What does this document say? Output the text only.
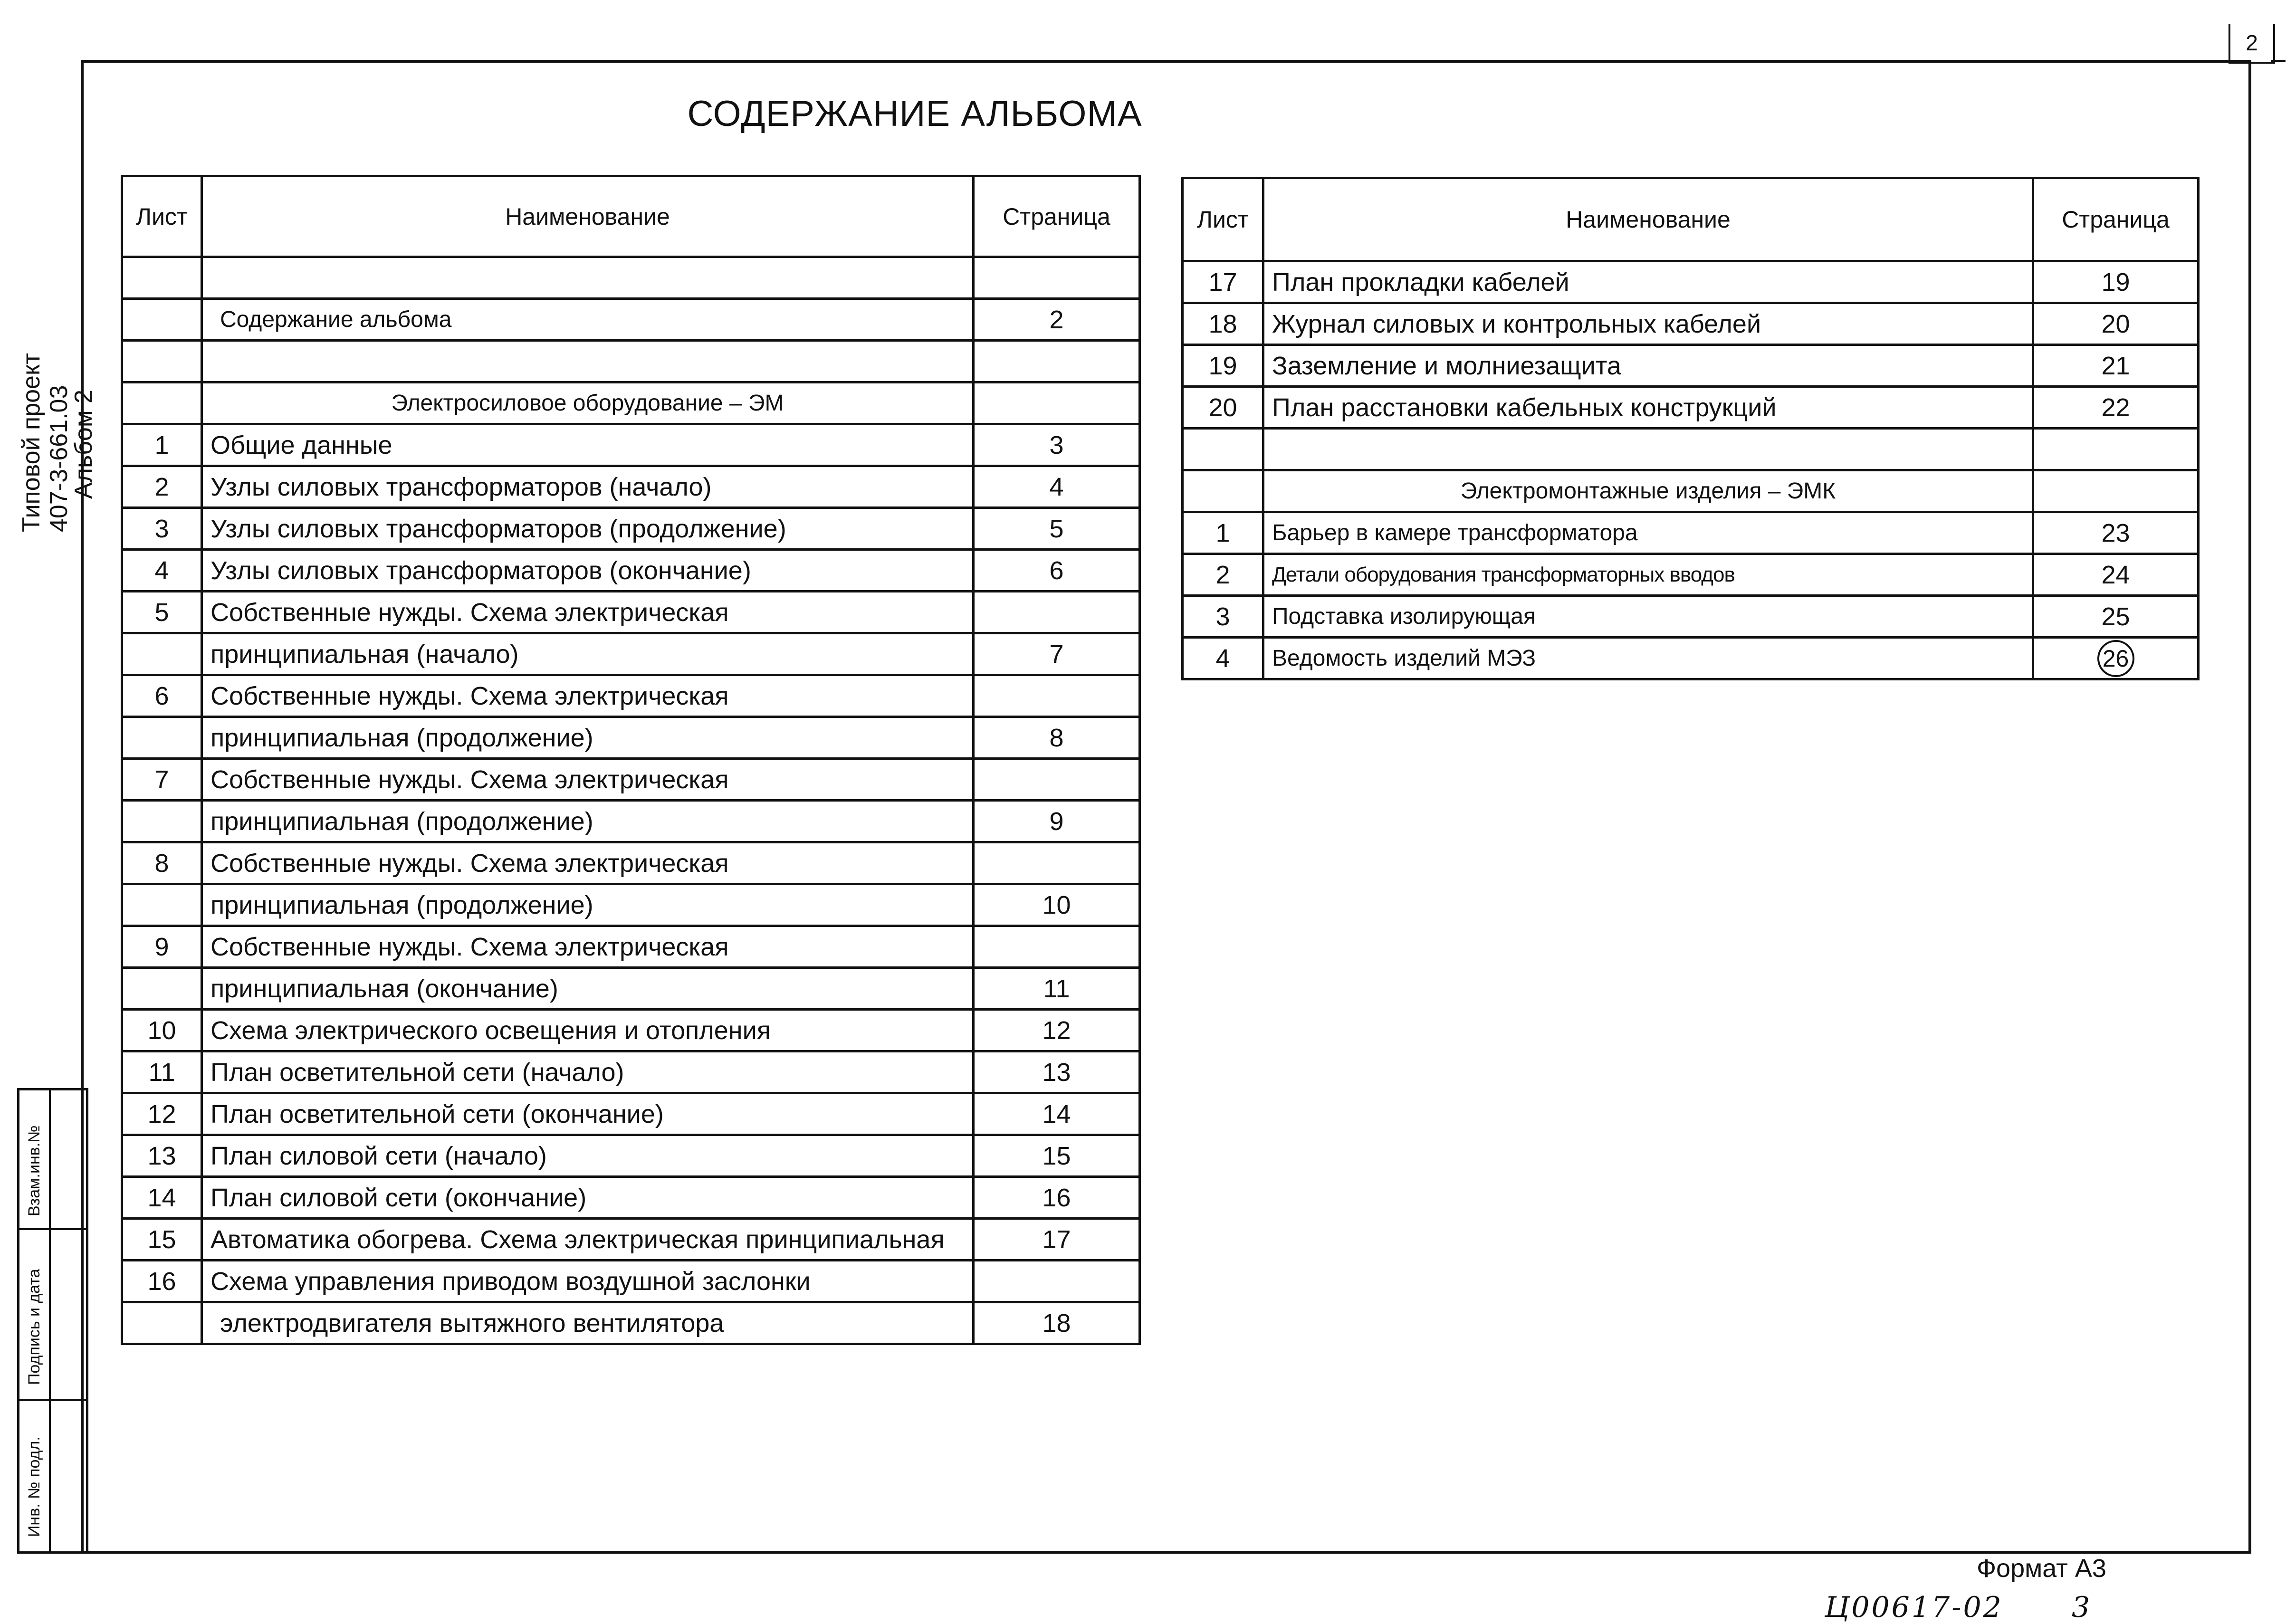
2
Типовой проект 407-3-661.03
Альбом 2
Взам.инв.№
Подпись и дата
Инв. № подл.
СОДЕРЖАНИЕ АЛЬБОМА
Лист	Наименование	Страница

	Содержание альбома	2

	Электросиловое оборудование – ЭМ	
1	Общие данные	3
2	Узлы силовых трансформаторов (начало)	4
3	Узлы силовых трансформаторов (продолжение)	5
4	Узлы силовых трансформаторов (окончание)	6
5	Собственные нужды. Схема электрическая	
	принципиальная (начало)	7
6	Собственные нужды. Схема электрическая	
	принципиальная (продолжение)	8
7	Собственные нужды. Схема электрическая	
	принципиальная (продолжение)	9
8	Собственные нужды. Схема электрическая	
	принципиальная (продолжение)	10
9	Собственные нужды. Схема электрическая	
	принципиальная (окончание)	11
10	Схема электрического освещения и отопления	12
11	План осветительной сети (начало)	13
12	План осветительной сети (окончание)	14
13	План силовой сети (начало)	15
14	План силовой сети (окончание)	16
15	Автоматика обогрева. Схема электрическая принципиальная	17
16	Схема управления приводом воздушной заслонки	
	электродвигателя вытяжного вентилятора	18
Лист	Наименование	Страница
17	План прокладки кабелей	19
18	Журнал силовых и контрольных кабелей	20
19	Заземление и молниезащита	21
20	План расстановки кабельных конструкций	22

	Электромонтажные изделия – ЭМК	
1	Барьер в камере трансформатора	23
2	Детали оборудования трансформаторных вводов	24
3	Подставка изолирующая	25
4	Ведомость изделий МЭЗ	26
Формат А3
Ц00617-02 3
